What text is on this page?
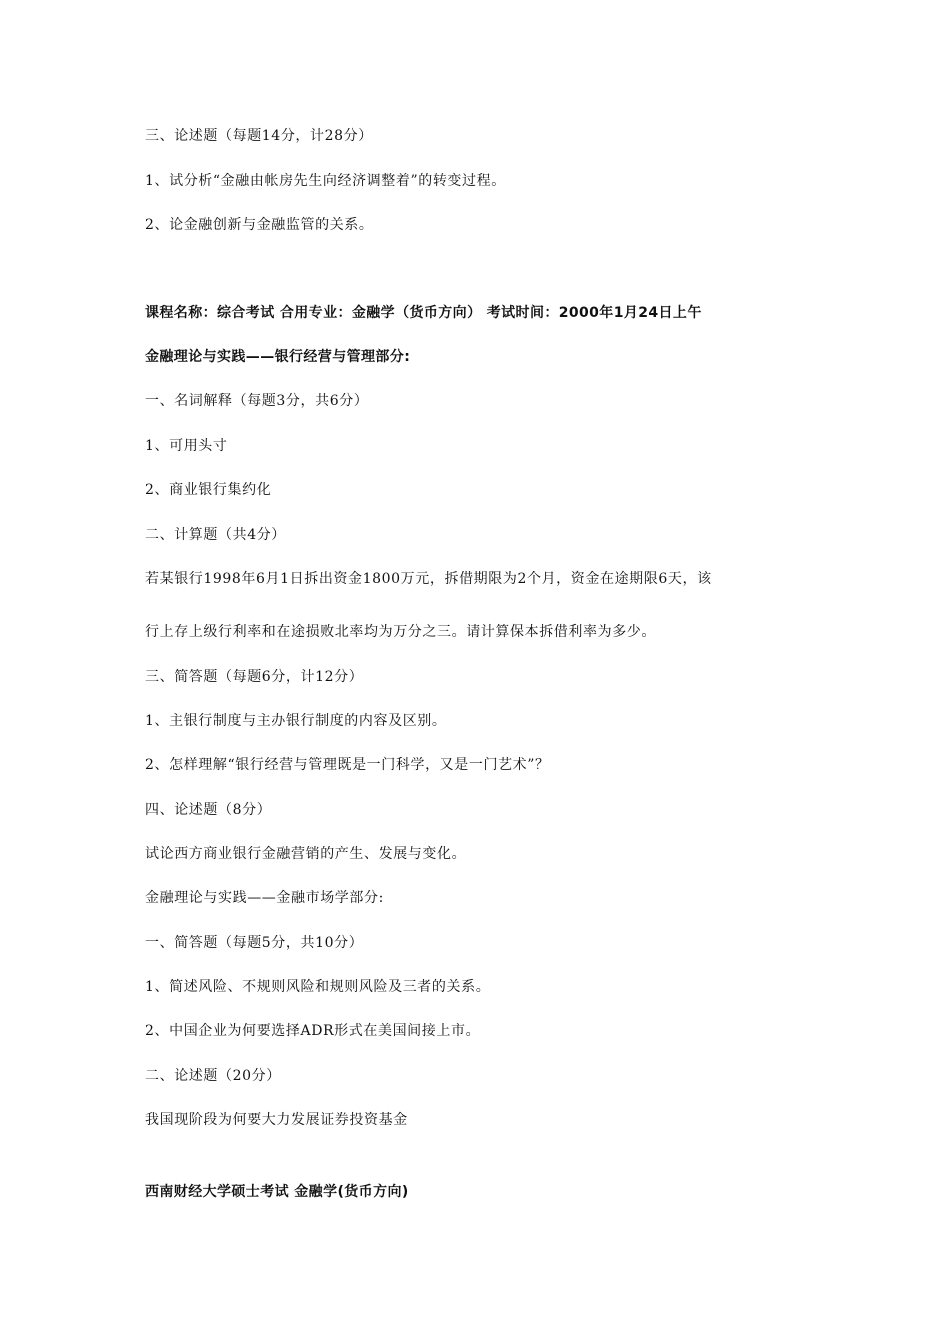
三、论述题（每题14分，计28分）
1、试分析“金融由帐房先生向经济调整着”的转变过程。
2、论金融创新与金融监管的关系。
课程名称：综合考试 合用专业：金融学（货币方向） 考试时间：2000年1月24日上午
金融理论与实践——银行经营与管理部分:
一、名词解释（每题3分，共6分）
1、可用头寸
2、商业银行集约化
二、计算题（共4分）
若某银行1998年6月1日拆出资金1800万元，拆借期限为2个月，资金在途期限6天，该
行上存上级行利率和在途损败北率均为万分之三。请计算保本拆借利率为多少。
三、简答题（每题6分，计12分）
1、主银行制度与主办银行制度的内容及区别。
2、怎样理解“银行经营与管理既是一门科学，又是一门艺术”？
四、论述题（8分）
试论西方商业银行金融营销的产生、发展与变化。
金融理论与实践——金融市场学部分:
一、简答题（每题5分，共10分）
1、简述风险、不规则风险和规则风险及三者的关系。
2、中国企业为何要选择ADR形式在美国间接上市。
二、论述题（20分）
我国现阶段为何要大力发展证券投资基金
西南财经大学硕士考试 金融学(货币方向)
